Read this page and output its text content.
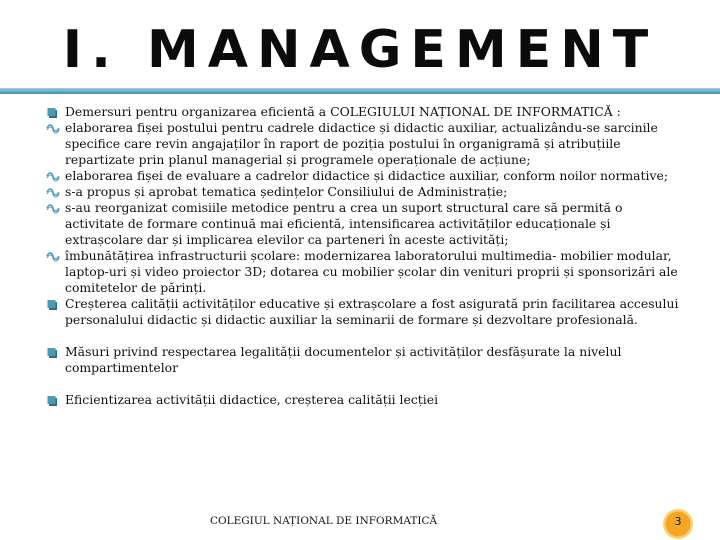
I. MANAGEMENT
Demersuri pentru organizarea eficientă a COLEGIULUI NAȚIONAL DE INFORMATICĂ :
elaborarea fișei postului pentru cadrele didactice și didactic auxiliar, actualizându-se sarcinile specifice care revin angajaților în raport de poziția postului în organigramă și atribuțiile repartizate prin planul managerial și programele operaționale de acțiune;
elaborarea fișei de evaluare a cadrelor didactice și didactice auxiliar, conform noilor normative;
s-a propus și aprobat tematica ședințelor Consiliului de Administrație;
s-au reorganizat comisiile metodice pentru a crea un suport structural care să permită o activitate de formare continuă mai eficientă, intensificarea activităților educaționale și extrașcolare dar și implicarea elevilor ca parteneri în aceste activități;
îmbunătățirea infrastructurii școlare: modernizarea laboratorului multimedia- mobilier modular, laptop-uri și video proiector 3D; dotarea cu mobilier școlar din venituri proprii și sponsorizări ale comitetelor de părinți.
Creșterea calității activităților educative și extrașcolare a fost asigurată prin facilitarea accesului personalului didactic și didactic auxiliar la seminarii de formare și dezvoltare profesională.
Măsuri privind respectarea legalității documentelor și activităților desfășurate la nivelul compartimentelor
Eficientizarea activității didactice, creșterea calității lecției
COLEGIUL NAȚIONAL DE INFORMATICĂ	3
